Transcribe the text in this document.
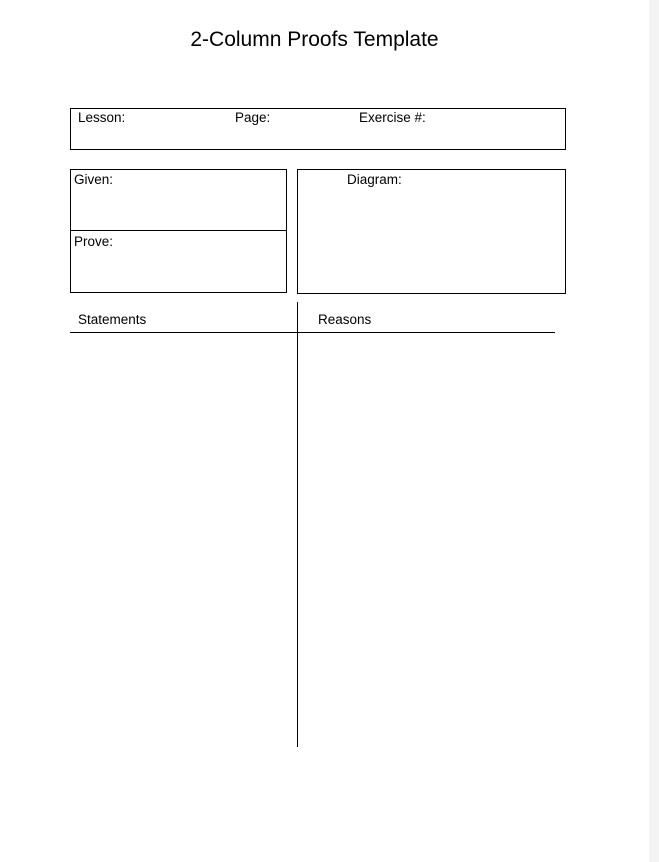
2-Column Proofs Template
Lesson:	Page:	Exercise #:
Given:
Prove:
Diagram:
Statements	Reasons
